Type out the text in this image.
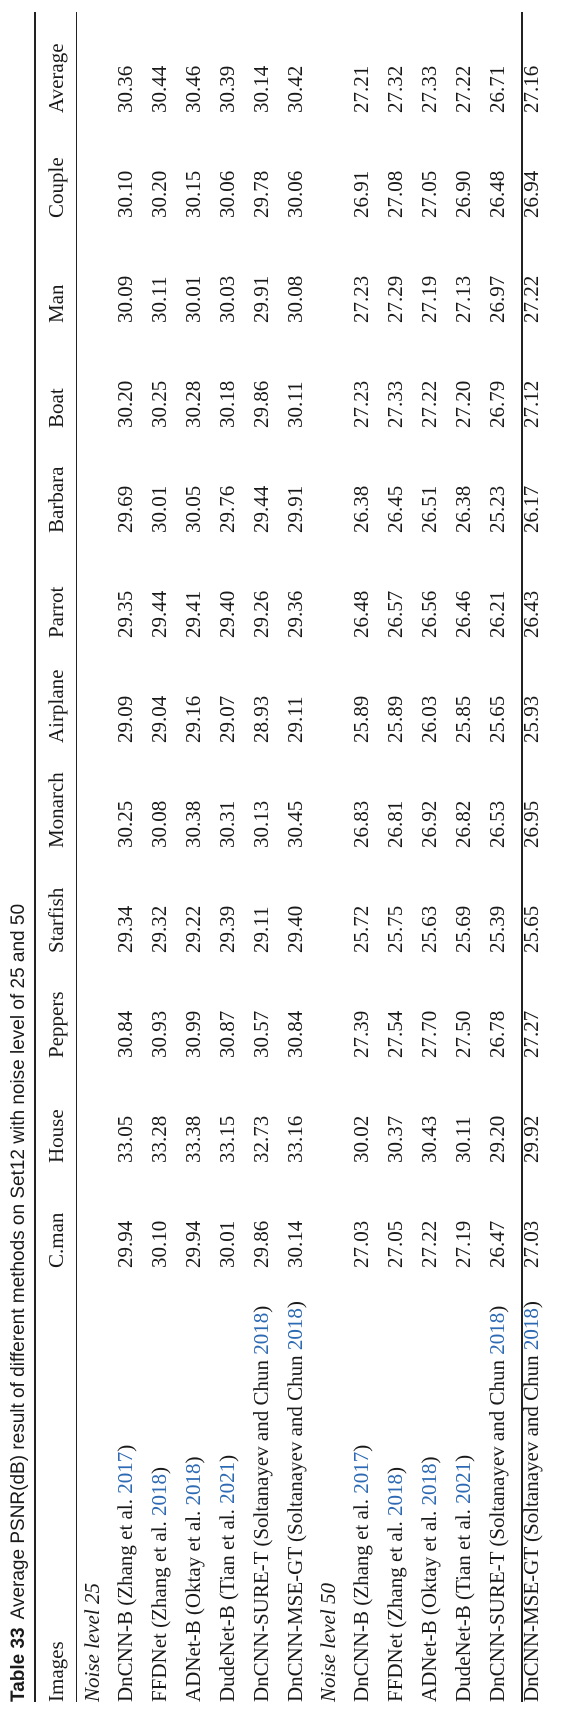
Table 33Average PSNR(dB) result of different methods on Set12 with noise level of 25 and 50
Images	C.man	House	Peppers	Starfish	Monarch	Airplane	Parrot	Barbara	Boat	Man	Couple	Average
Noise level 25												
DnCNN-B (Zhang et al. 2017)	29.94	33.05	30.84	29.34	30.25	29.09	29.35	29.69	30.20	30.09	30.10	30.36
FFDNet (Zhang et al. 2018)	30.10	33.28	30.93	29.32	30.08	29.04	29.44	30.01	30.25	30.11	30.20	30.44
ADNet-B (Oktay et al. 2018)	29.94	33.38	30.99	29.22	30.38	29.16	29.41	30.05	30.28	30.01	30.15	30.46
DudeNet-B (Tian et al. 2021)	30.01	33.15	30.87	29.39	30.31	29.07	29.40	29.76	30.18	30.03	30.06	30.39
DnCNN-SURE-T (Soltanayev and Chun 2018)	29.86	32.73	30.57	29.11	30.13	28.93	29.26	29.44	29.86	29.91	29.78	30.14
DnCNN-MSE-GT (Soltanayev and Chun 2018)	30.14	33.16	30.84	29.40	30.45	29.11	29.36	29.91	30.11	30.08	30.06	30.42
Noise level 50												
DnCNN-B (Zhang et al. 2017)	27.03	30.02	27.39	25.72	26.83	25.89	26.48	26.38	27.23	27.23	26.91	27.21
FFDNet (Zhang et al. 2018)	27.05	30.37	27.54	25.75	26.81	25.89	26.57	26.45	27.33	27.29	27.08	27.32
ADNet-B (Oktay et al. 2018)	27.22	30.43	27.70	25.63	26.92	26.03	26.56	26.51	27.22	27.19	27.05	27.33
DudeNet-B (Tian et al. 2021)	27.19	30.11	27.50	25.69	26.82	25.85	26.46	26.38	27.20	27.13	26.90	27.22
DnCNN-SURE-T (Soltanayev and Chun 2018)	26.47	29.20	26.78	25.39	26.53	25.65	26.21	25.23	26.79	26.97	26.48	26.71
DnCNN-MSE-GT (Soltanayev and Chun 2018)	27.03	29.92	27.27	25.65	26.95	25.93	26.43	26.17	27.12	27.22	26.94	27.16
